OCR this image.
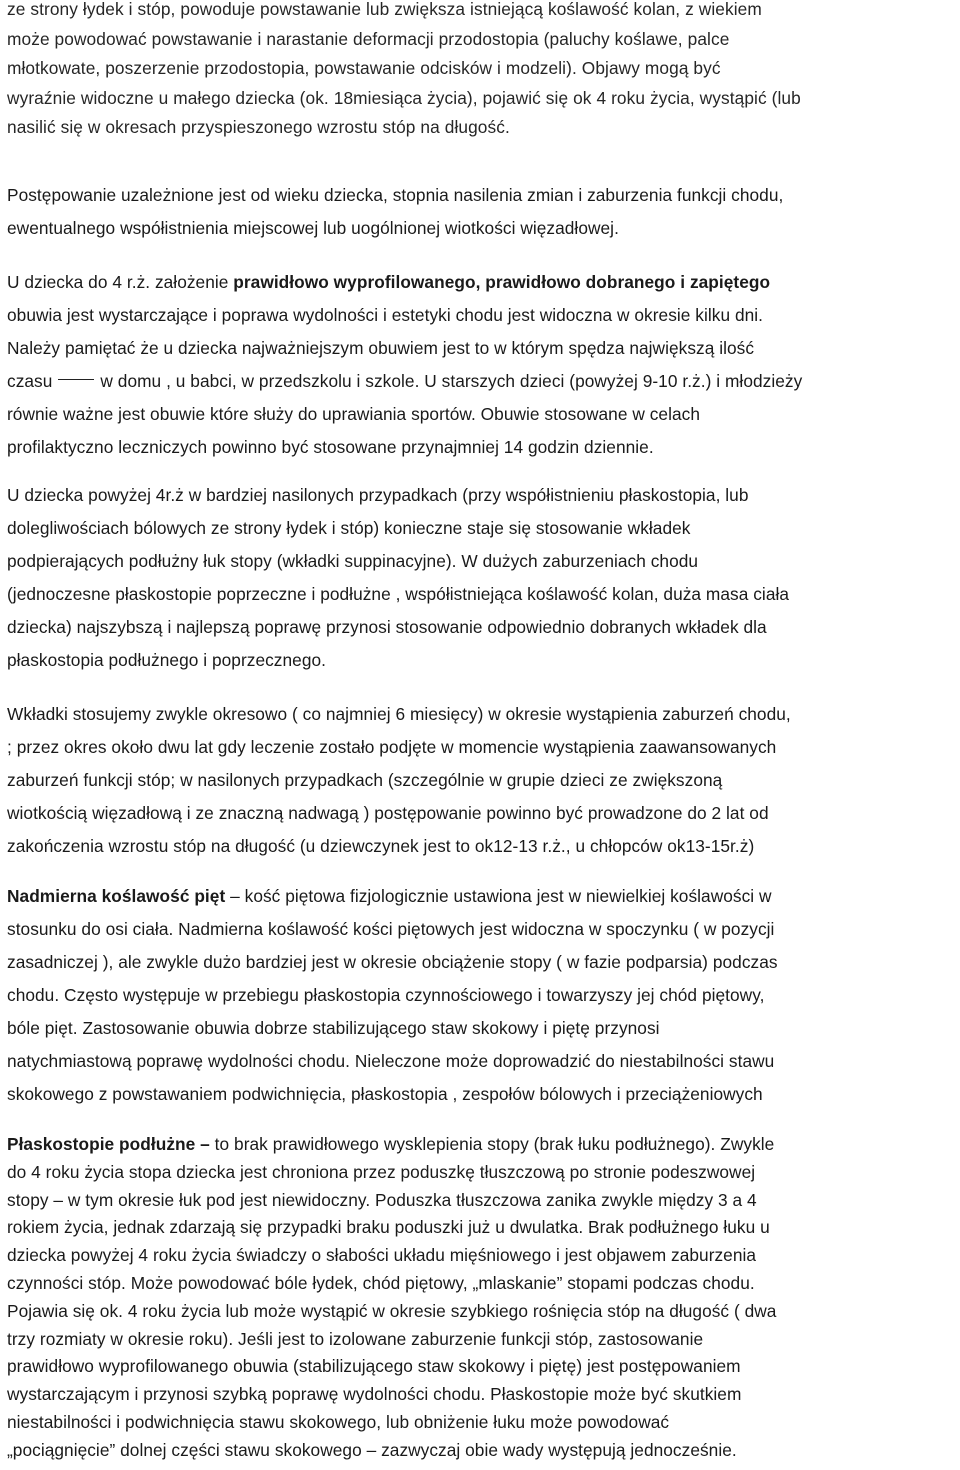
ze strony łydek i stóp, powoduje powstawanie lub zwiększa istniejącą koślawość kolan, z wiekiem
może powodować powstawanie i narastanie deformacji przodostopia (paluchy koślawe, palce
młotkowate, poszerzenie przodostopia, powstawanie odcisków i modzeli). Objawy mogą być
wyraźnie widoczne u małego dziecka (ok. 18miesiąca życia), pojawić się ok 4 roku życia, wystąpić (lub
nasilić się w okresach przyspieszonego wzrostu stóp na długość.
Postępowanie uzależnione jest od wieku dziecka, stopnia nasilenia zmian i zaburzenia funkcji chodu,
ewentualnego współistnienia miejscowej lub uogólnionej wiotkości więzadłowej.
U dziecka do 4 r.ż. założenie prawidłowo wyprofilowanego, prawidłowo dobranego i zapiętego
obuwia jest wystarczające i poprawa wydolności i estetyki chodu jest widoczna w okresie kilku dni.
Należy pamiętać że u dziecka najważniejszym obuwiem jest to w którym spędza największą ilość
czasu	w domu , u babci, w przedszkolu i szkole. U starszych dzieci (powyżej 9-10 r.ż.) i młodzieży
równie ważne jest obuwie które służy do uprawiania sportów. Obuwie stosowane w celach
profilaktyczno leczniczych powinno być stosowane przynajmniej 14 godzin dziennie.
U dziecka powyżej 4r.ż w bardziej nasilonych przypadkach (przy współistnieniu płaskostopia, lub
dolegliwościach bólowych ze strony łydek i stóp) konieczne staje się stosowanie wkładek
podpierających podłużny łuk stopy (wkładki suppinacyjne). W dużych zaburzeniach chodu
(jednoczesne płaskostopie poprzeczne i podłużne , współistniejąca koślawość kolan, duża masa ciała
dziecka) najszybszą i najlepszą poprawę przynosi stosowanie odpowiednio dobranych wkładek dla
płaskostopia podłużnego i poprzecznego.
Wkładki stosujemy zwykle okresowo ( co najmniej 6 miesięcy) w okresie wystąpienia zaburzeń chodu,
; przez okres około dwu lat gdy leczenie zostało podjęte w momencie wystąpienia zaawansowanych
zaburzeń funkcji stóp; w nasilonych przypadkach (szczególnie w grupie dzieci ze zwiększoną
wiotkością więzadłową i ze znaczną nadwagą ) postępowanie powinno być prowadzone do 2 lat od
zakończenia wzrostu stóp na długość (u dziewczynek jest to ok12-13 r.ż., u chłopców ok13-15r.ż)
Nadmierna koślawość pięt – kość piętowa fizjologicznie ustawiona jest w niewielkiej koślawości w
stosunku do osi ciała. Nadmierna koślawość kości piętowych jest widoczna w spoczynku ( w pozycji
zasadniczej ), ale zwykle dużo bardziej jest w okresie obciążenie stopy ( w fazie podparsia) podczas
chodu. Często występuje w przebiegu płaskostopia czynnościowego i towarzyszy jej chód piętowy,
bóle pięt. Zastosowanie obuwia dobrze stabilizującego staw skokowy i piętę przynosi
natychmiastową poprawę wydolności chodu. Nieleczone może doprowadzić do niestabilności stawu
skokowego z powstawaniem podwichnięcia, płaskostopia , zespołów bólowych i przeciążeniowych
Płaskostopie podłużne – to brak prawidłowego wysklepienia stopy (brak łuku podłużnego). Zwykle
do 4 roku życia stopa dziecka jest chroniona przez poduszkę tłuszczową po stronie podeszwowej
stopy – w tym okresie łuk pod jest niewidoczny. Poduszka tłuszczowa zanika zwykle między 3 a 4
rokiem życia, jednak zdarzają się przypadki braku poduszki już u dwulatka. Brak podłużnego łuku u
dziecka powyżej 4 roku życia świadczy o słabości układu mięśniowego i jest objawem zaburzenia
czynności stóp. Może powodować bóle łydek, chód piętowy, „mlaskanie” stopami podczas chodu.
Pojawia się ok. 4 roku życia lub może wystąpić w okresie szybkiego rośnięcia stóp na długość ( dwa
trzy rozmiaty w okresie roku). Jeśli jest to izolowane zaburzenie funkcji stóp, zastosowanie
prawidłowo wyprofilowanego obuwia (stabilizującego staw skokowy i piętę) jest postępowaniem
wystarczającym i przynosi szybką poprawę wydolności chodu. Płaskostopie może być skutkiem
niestabilności i podwichnięcia stawu skokowego, lub obniżenie łuku może powodować
„pociągnięcie” dolnej części stawu skokowego – zazwyczaj obie wady występują jednocześnie.
